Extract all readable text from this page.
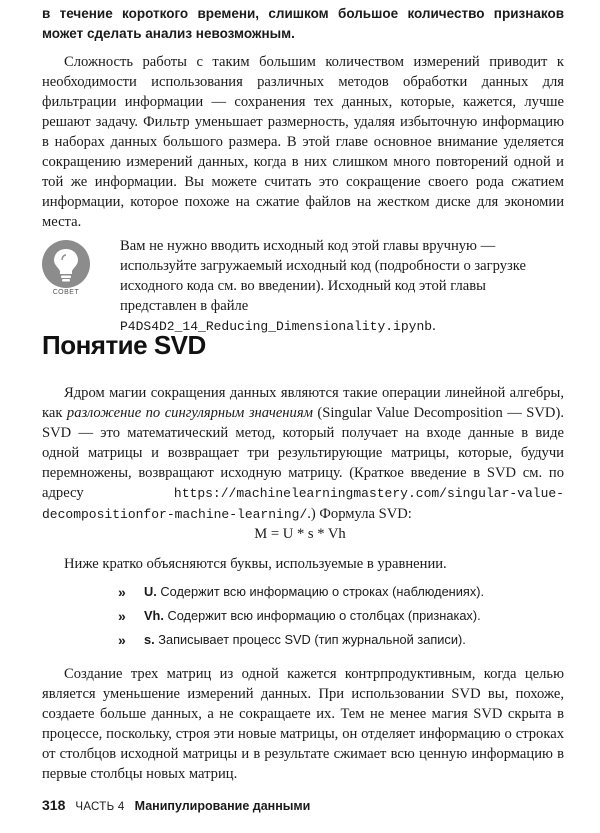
в течение короткого времени, слишком большое количество признаков может сделать анализ невозможным.
Сложность работы с таким большим количеством измерений приводит к необходимости использования различных методов обработки данных для фильтрации информации — сохранения тех данных, которые, кажется, лучше решают задачу. Фильтр уменьшает размерность, удаляя избыточную информацию в наборах данных большого размера. В этой главе основное внимание уделяется сокращению измерений данных, когда в них слишком много повторений одной и той же информации. Вы можете считать это сокращение своего рода сжатием информации, которое похоже на сжатие файлов на жестком диске для экономии места.
СОВЕТ
Вам не нужно вводить исходный код этой главы вручную — используйте загружаемый исходный код (подробности о загрузке исходного кода см. во введении). Исходный код этой главы представлен в файле P4DS4D2_14_Reducing_Dimensionality.ipynb.
Понятие SVD
Ядром магии сокращения данных являются такие операции линейной алгебры, как разложение по сингулярным значениям (Singular Value Decomposition — SVD). SVD — это математический метод, который получает на входе данные в виде одной матрицы и возвращает три результирующие матрицы, которые, будучи перемножены, возвращают исходную матрицу. (Краткое введение в SVD см. по адресу https://machinelearningmastery.com/singular-value-decompositionfor-machine-learning/.) Формула SVD:
M = U * s * Vh
Ниже кратко объясняются буквы, используемые в уравнении.
» U. Содержит всю информацию о строках (наблюдениях).
» Vh. Содержит всю информацию о столбцах (признаках).
» s. Записывает процесс SVD (тип журнальной записи).
Создание трех матриц из одной кажется контрпродуктивным, когда целью является уменьшение измерений данных. При использовании SVD вы, похоже, создаете больше данных, а не сокращаете их. Тем не менее магия SVD скрыта в процессе, поскольку, строя эти новые матрицы, он отделяет информацию о строках от столбцов исходной матрицы и в результате сжимает всю ценную информацию в первые столбцы новых матриц.
318 ЧАСТЬ 4 Манипулирование данными
